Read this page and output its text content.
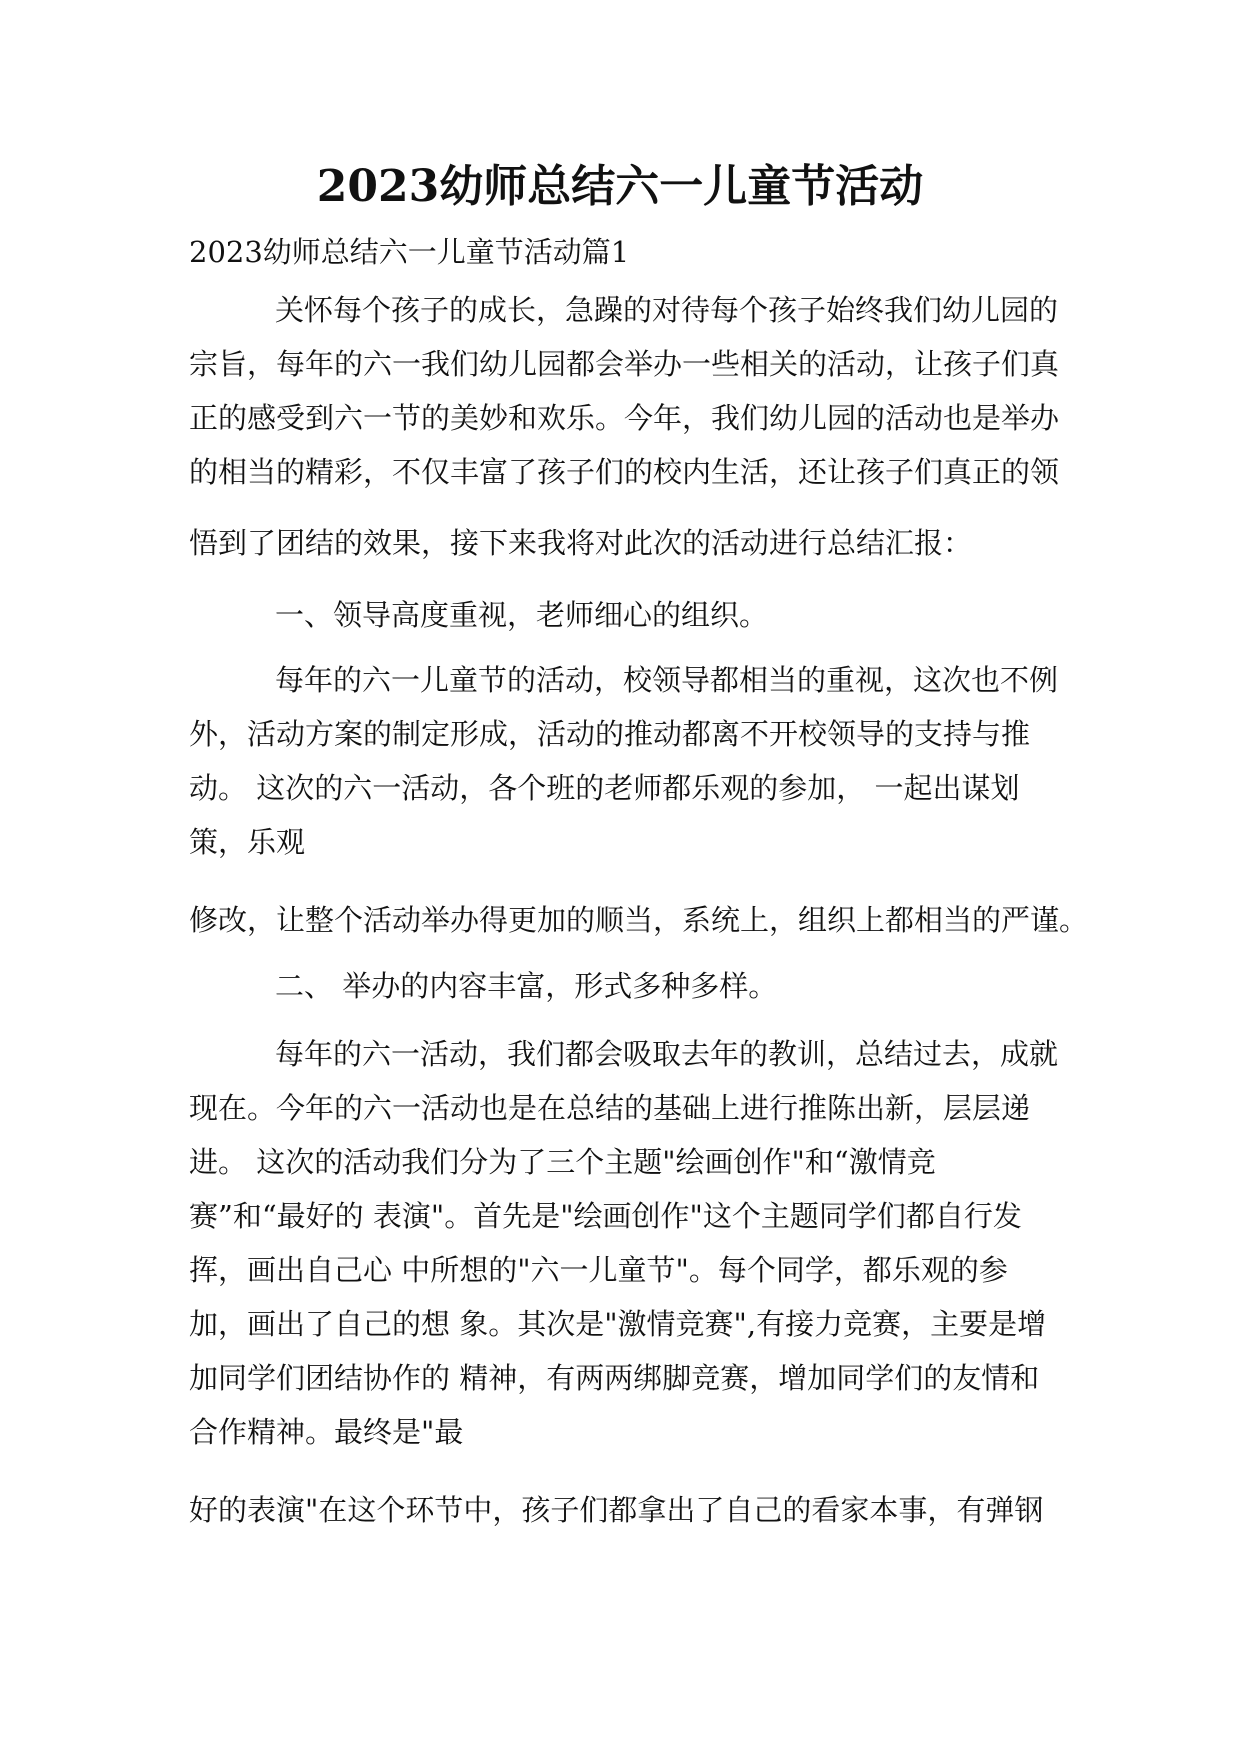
2023幼师总结六一儿童节活动

2023幼师总结六一儿童节活动篇1

关怀每个孩子的成长，急躁的对待每个孩子始终我们幼儿园的

宗旨，每年的六一我们幼儿园都会举办一些相关的活动，让孩子们真

正的感受到六一节的美妙和欢乐。今年，我们幼儿园的活动也是举办

的相当的精彩，不仅丰富了孩子们的校内生活，还让孩子们真正的领

悟到了团结的效果，接下来我将对此次的活动进行总结汇报：

一、领导高度重视，老师细心的组织。

每年的六一儿童节的活动，校领导都相当的重视，这次也不例

外，活动方案的制定形成，活动的推动都离不开校领导的支持与推

动。 这次的六一活动，各个班的老师都乐观的参加， 一起出谋划

策，乐观

修改，让整个活动举办得更加的顺当，系统上，组织上都相当的严谨。

二、 举办的内容丰富，形式多种多样。

每年的六一活动，我们都会吸取去年的教训，总结过去，成就

现在。今年的六一活动也是在总结的基础上进行推陈出新，层层递

进。 这次的活动我们分为了三个主题"绘画创作"和“激情竞

赛”和“最好的 表演"。首先是"绘画创作"这个主题同学们都自行发

挥，画出自己心 中所想的"六一儿童节"。每个同学，都乐观的参

加，画出了自己的想 象。其次是"激情竞赛",有接力竞赛，主要是增

加同学们团结协作的 精神，有两两绑脚竞赛，增加同学们的友情和

合作精神。最终是"最

好的表演"在这个环节中，孩子们都拿出了自己的看家本事，有弹钢
